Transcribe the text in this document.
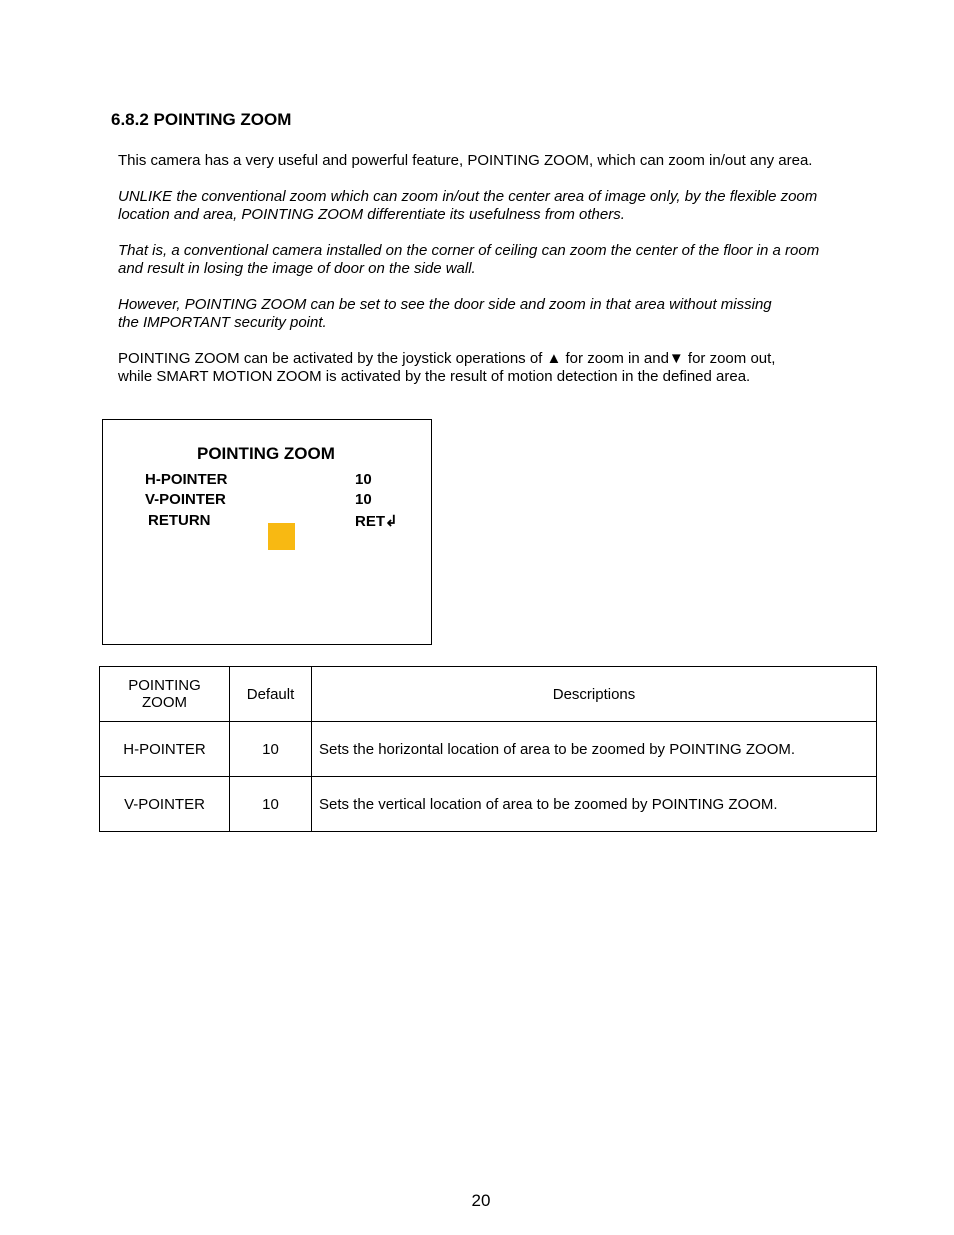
6.8.2 POINTING ZOOM

This camera has a very useful and powerful feature, POINTING ZOOM, which can zoom in/out any area.

UNLIKE the conventional zoom which can zoom in/out the center area of image only, by the flexible zoom
location and area, POINTING ZOOM differentiate its usefulness from others.

That is, a conventional camera installed on the corner of ceiling can zoom the center of the floor in a room
and result in losing the image of door on the side wall.

However, POINTING ZOOM can be set to see the door side and zoom in that area without missing
the IMPORTANT security point.

POINTING ZOOM can be activated by the joystick operations of ▲ for zoom in and▼ for zoom out,
while SMART MOTION ZOOM is activated by the result of motion detection in the defined area.

POINTING ZOOM
H-POINTER	10
V-POINTER	10
RETURN	RET↲
POINTING ZOOM	Default	Descriptions
H-POINTER	10	Sets the horizontal location of area to be zoomed by POINTING ZOOM.
V-POINTER	10	Sets the vertical location of area to be zoomed by POINTING ZOOM.
20
